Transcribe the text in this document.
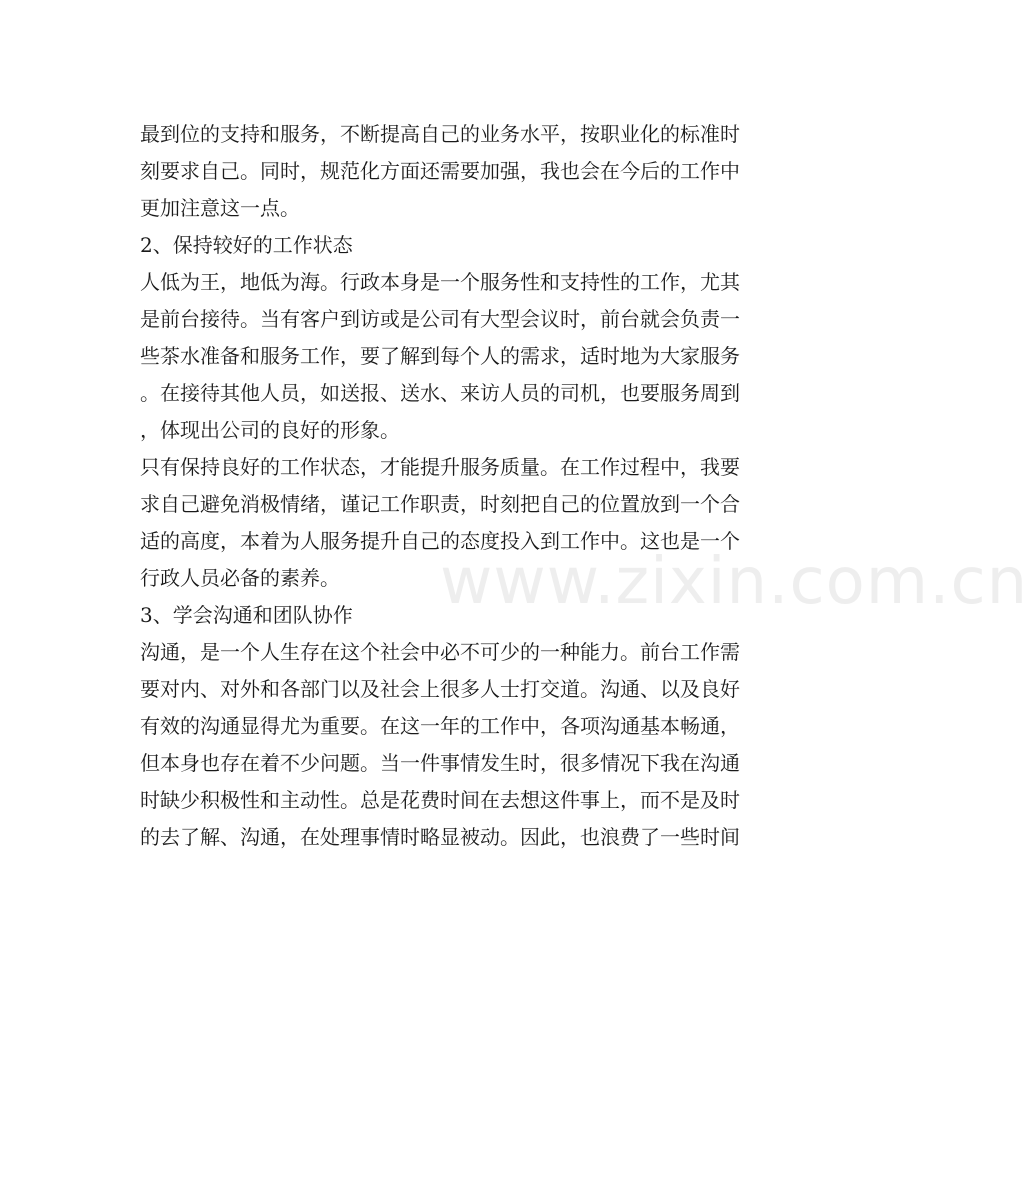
www.zixin.com.cn
最到位的支持和服务，不断提高自己的业务水平，按职业化的标准时
刻要求自己。同时，规范化方面还需要加强，我也会在今后的工作中
更加注意这一点。
2、保持较好的工作状态
人低为王，地低为海。行政本身是一个服务性和支持性的工作，尤其
是前台接待。当有客户到访或是公司有大型会议时，前台就会负责一
些茶水准备和服务工作，要了解到每个人的需求，适时地为大家服务
。在接待其他人员，如送报、送水、来访人员的司机，也要服务周到
，体现出公司的良好的形象。
只有保持良好的工作状态，才能提升服务质量。在工作过程中，我要
求自己避免消极情绪，谨记工作职责，时刻把自己的位置放到一个合
适的高度，本着为人服务提升自己的态度投入到工作中。这也是一个
行政人员必备的素养。
3、学会沟通和团队协作
沟通，是一个人生存在这个社会中必不可少的一种能力。前台工作需
要对内、对外和各部门以及社会上很多人士打交道。沟通、以及良好
有效的沟通显得尤为重要。在这一年的工作中，各项沟通基本畅通，
但本身也存在着不少问题。当一件事情发生时，很多情况下我在沟通
时缺少积极性和主动性。总是花费时间在去想这件事上，而不是及时
的去了解、沟通，在处理事情时略显被动。因此，也浪费了一些时间
